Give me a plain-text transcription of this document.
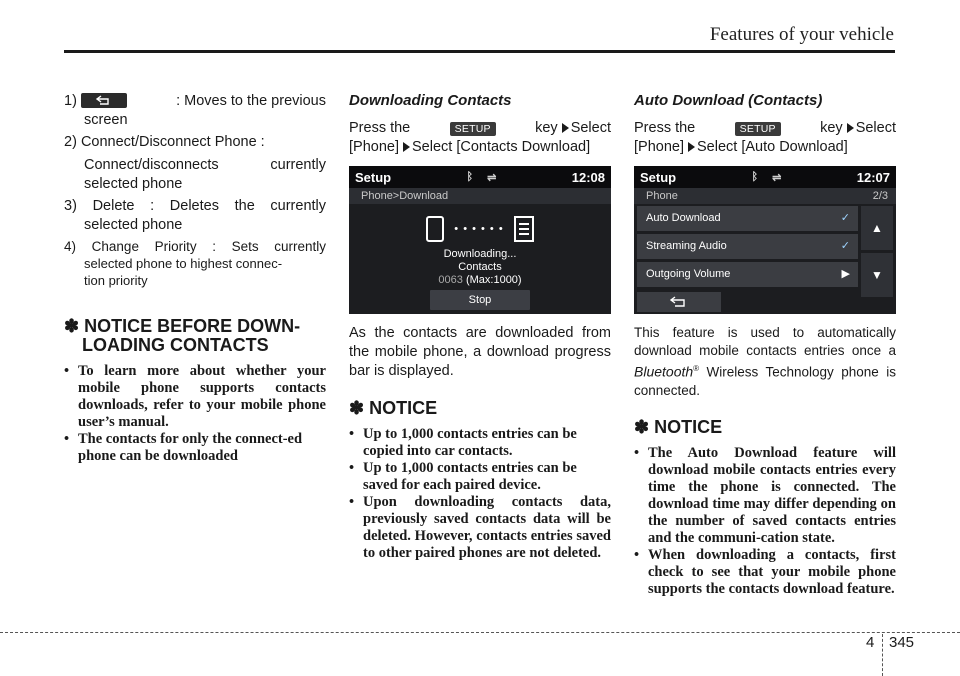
Features of your vehicle
1)	: Moves to the previous
screen
2) Connect/Disconnect Phone :
Connect/disconnects currently
selected phone
3) Delete : Deletes the currently
selected phone
4) Change Priority : Sets currently
selected phone to highest connec-
tion priority
✽ NOTICE BEFORE DOWN-
LOADING CONTACTS
• To learn more about whether your mobile phone supports contacts downloads, refer to your mobile phone user’s manual.
• The contacts for only the connect-ed phone can be downloaded
Downloading Contacts
Press the	SETUP	key Select
[Phone] Select [Contacts Download]
Setup	ᛒ ⇌	12:08
Phone>Download
• • • • • •
Downloading...
Contacts
0063 (Max:1000)
Stop
As the contacts are downloaded from the mobile phone, a download progress bar is displayed.
✽ NOTICE
• Up to 1,000 contacts entries can be copied into car contacts.
• Up to 1,000 contacts entries can be saved for each paired device.
• Upon downloading contacts data, previously saved contacts data will be deleted. However, contacts entries saved to other paired phones are not deleted.
Auto Download (Contacts)
Press the	SETUP	key Select
[Phone] Select [Auto Download]
Setup	ᛒ ⇌	12:07
Phone	2/3
Auto Download	✓
Streaming Audio	✓
Outgoing Volume	▶
▲
▼
This feature is used to automatically download mobile contacts entries once a Bluetooth® Wireless Technology phone is connected.
✽ NOTICE
• The Auto Download feature will download mobile contacts entries every time the phone is connected. The download time may differ depending on the number of saved contacts entries and the communi-cation state.
• When downloading a contacts, first check to see that your mobile phone supports the contacts download feature.
4 345
